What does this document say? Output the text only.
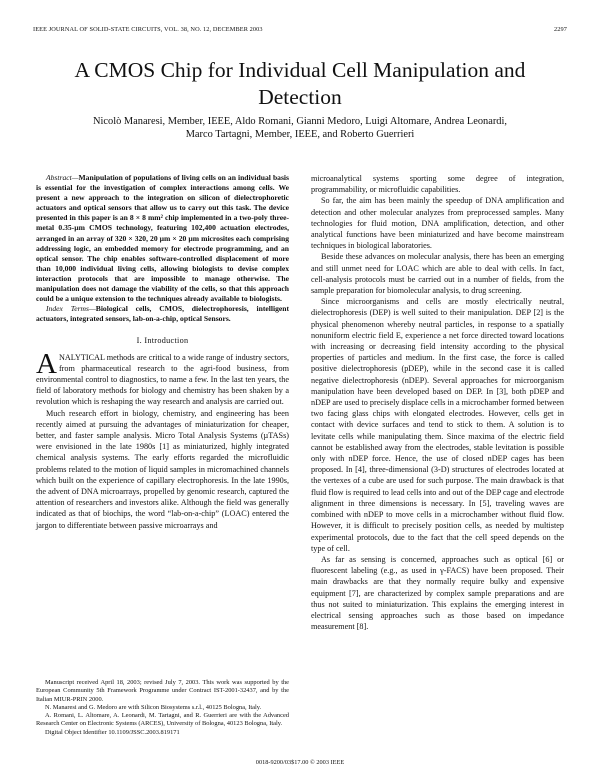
IEEE JOURNAL OF SOLID-STATE CIRCUITS, VOL. 38, NO. 12, DECEMBER 2003	2297
A CMOS Chip for Individual Cell Manipulation and Detection
Nicolò Manaresi, Member, IEEE, Aldo Romani, Gianni Medoro, Luigi Altomare, Andrea Leonardi,
Marco Tartagni, Member, IEEE, and Roberto Guerrieri

Abstract—Manipulation of populations of living cells on an individual basis is essential for the investigation of complex interactions among cells. We present a new approach to the integration on silicon of dielectrophoretic actuators and optical sensors that allow us to carry out this task. The device presented in this paper is an 8 × 8 mm² chip implemented in a two-poly three-metal 0.35-µm CMOS technology, featuring 102,400 actuation electrodes, arranged in an array of 320 × 320, 20 µm × 20 µm microsites each comprising addressing logic, an embedded memory for electrode programming, and an optical sensor. The chip enables software-controlled displacement of more than 10,000 individual living cells, allowing biologists to devise complex interaction protocols that are impossible to manage otherwise. The manipulation does not damage the viability of the cells, so that this approach could be a unique extension to the techniques already available to biologists.

Index Terms—Biological cells, CMOS, dielectrophoresis, intelligent actuators, integrated sensors, lab-on-a-chip, optical Sensors.

I. Introduction

ANALYTICAL methods are critical to a wide range of industry sectors, from pharmaceutical research to the agri-food business, from environmental control to diagnostics, to name a few. In the last ten years, the field of laboratory methods for biology and chemistry has been shaken by a revolution which is reshaping the way research and analysis are carried out.

Much research effort in biology, chemistry, and engineering has been recently aimed at pursuing the advantages of miniaturization for cheaper, better, and faster sample analysis. Micro Total Analysis Systems (µTASs) were envisioned in the late 1980s [1] as miniaturized, highly integrated chemical analysis systems. The early efforts regarded the microfluidic problems related to the motion of liquid samples in micromachined channels which built on the experience of capillary electrophoresis. In the late 1990s, the advent of DNA microarrays, propelled by genomic research, captured the attention of researchers and investors alike. Although the field was generally indicated as that of biochips, the word “lab-on-a-chip” (LOAC) entered the jargon to differentiate between passive microarrays and

Manuscript received April 18, 2003; revised July 7, 2003. This work was supported by the European Community 5th Framework Programme under Contract IST-2001-32437, and by the Italian MIUR-PRIN 2000.

N. Manaresi and G. Medoro are with Silicon Biosystems s.r.l., 40125 Bologna, Italy.

A. Romani, L. Altomare, A. Leonardi, M. Tartagni, and R. Guerrieri are with the Advanced Research Center on Electronic Systems (ARCES), University of Bologna, 40123 Bologna, Italy.

Digital Object Identifier 10.1109/JSSC.2003.819171

microanalytical systems sporting some degree of integration, programmability, or microfluidic capabilities.

So far, the aim has been mainly the speedup of DNA amplification and detection and other molecular analyzes from preprocessed samples. Many technologies for fluid motion, DNA amplification, detection, and other analytical functions have been miniaturized and have become mainstream techniques in biological laboratories.

Beside these advances on molecular analysis, there has been an emerging and still unmet need for LOAC which are able to deal with cells. In fact, cell-analysis protocols must be carried out in a number of fields, from the sample preparation for biomolecular analysis, to drug screening.

Since microorganisms and cells are mostly electrically neutral, dielectrophoresis (DEP) is well suited to their manipulation. DEP [2] is the physical phenomenon whereby neutral particles, in response to a spatially nonuniform electric field E, experience a net force directed toward locations with increasing or decreasing field intensity according to the physical properties of particles and medium. In the first case, the force is called positive dielectrophoresis (pDEP), while in the second case it is called negative dielectrophoresis (nDEP). Several approaches for microorganism manipulation have been developed based on DEP. In [3], both pDEP and nDEP are used to precisely displace cells in a microchamber formed between two facing glass chips with elongated electrodes. However, cells get in contact with device surfaces and tend to stick to them. A solution is to levitate cells while manipulating them. Since maxima of the electric field cannot be established away from the electrodes, stable levitation is possible only with nDEP force. Hence, the use of closed nDEP cages has been proposed. In [4], three-dimensional (3-D) structures of electrodes located at the vertexes of a cube are used for such purpose. The main drawback is that fluid flow is required to lead cells into and out of the DEP cage and electrode alignment in three dimensions is necessary. In [5], traveling waves are combined with nDEP to move cells in a microchamber without fluid flow. However, it is difficult to precisely position cells, as needed by multistep experimental protocols, due to the fact that the cell speed depends on the type of cell.

As far as sensing is concerned, approaches such as optical [6] or fluorescent labeling (e.g., as used in γ-FACS) have been proposed. Their main drawbacks are that they normally require bulky and expensive equipment [7], are characterized by complex sample preparations and are thus not suited to miniaturization. This explains the emerging interest in electrical sensing approaches such as those based on impedance measurement [8].

0018-9200/03$17.00 © 2003 IEEE
